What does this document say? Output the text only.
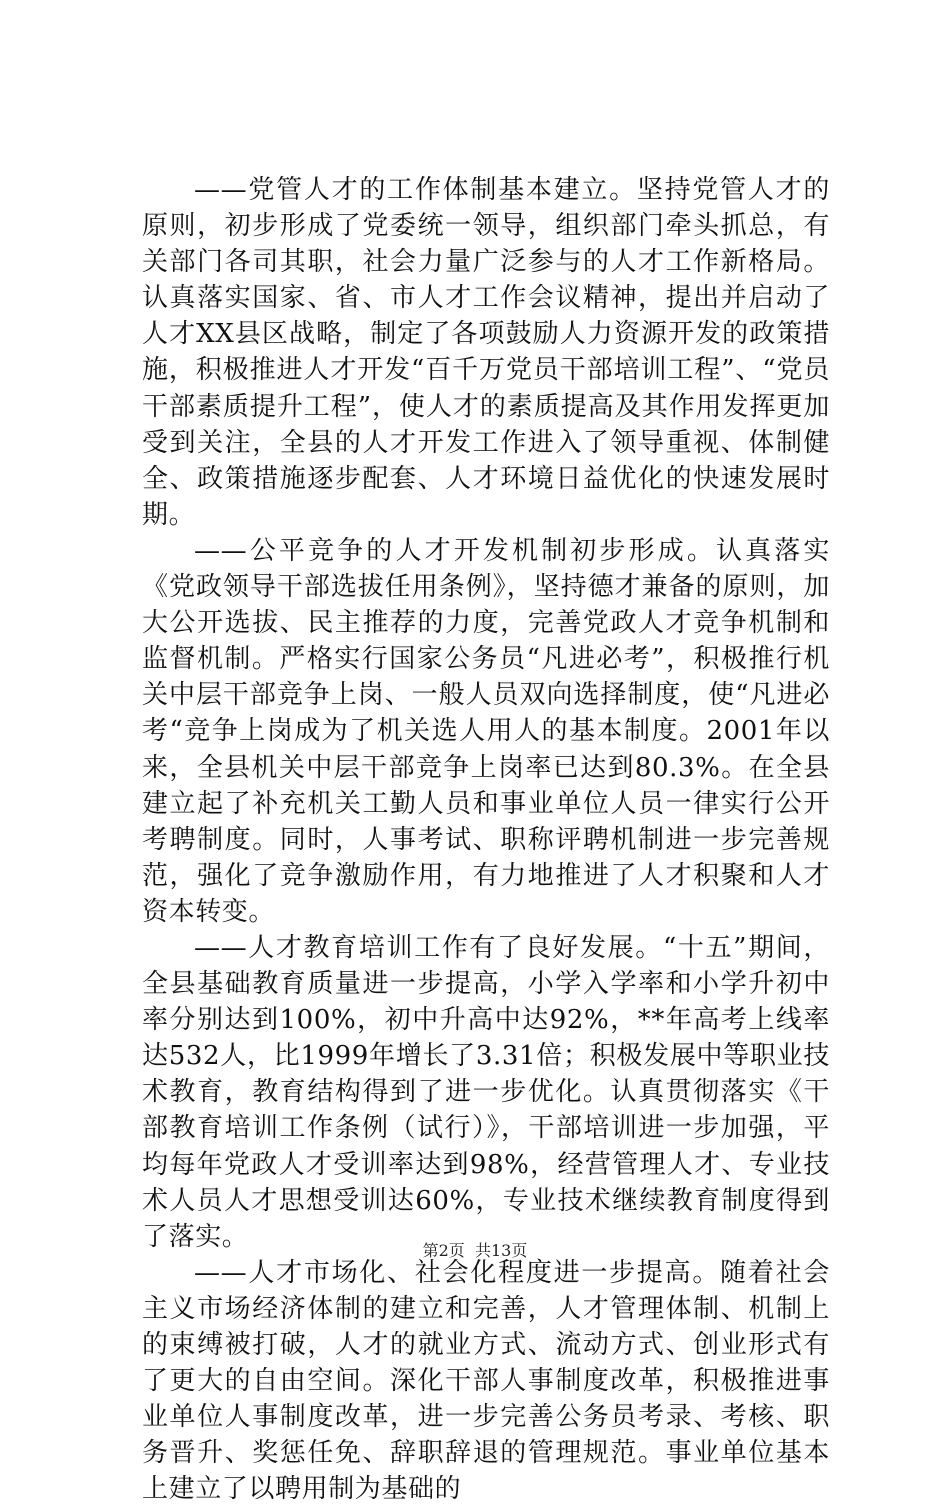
——党管人才的工作体制基本建立。坚持党管人才的原则，初步形成了党委统一领导，组织部门牵头抓总，有关部门各司其职，社会力量广泛参与的人才工作新格局。认真落实国家、省、市人才工作会议精神，提出并启动了人才XX县区战略，制定了各项鼓励人力资源开发的政策措施，积极推进人才开发“百千万党员干部培训工程”、“党员干部素质提升工程”，使人才的素质提高及其作用发挥更加受到关注，全县的人才开发工作进入了领导重视、体制健全、政策措施逐步配套、人才环境日益优化的快速发展时期。

——公平竞争的人才开发机制初步形成。认真落实《党政领导干部选拔任用条例》，坚持德才兼备的原则，加大公开选拔、民主推荐的力度，完善党政人才竞争机制和监督机制。严格实行国家公务员“凡进必考”，积极推行机关中层干部竞争上岗、一般人员双向选择制度，使“凡进必考“竞争上岗成为了机关选人用人的基本制度。2001年以来，全县机关中层干部竞争上岗率已达到80.3%。在全县建立起了补充机关工勤人员和事业单位人员一律实行公开考聘制度。同时，人事考试、职称评聘机制进一步完善规范，强化了竞争激励作用，有力地推进了人才积聚和人才资本转变。

——人才教育培训工作有了良好发展。“十五”期间，全县基础教育质量进一步提高，小学入学率和小学升初中率分别达到100%，初中升高中达92%，**年高考上线率达532人，比1999年增长了3.31倍；积极发展中等职业技术教育，教育结构得到了进一步优化。认真贯彻落实《干部教育培训工作条例（试行）》，干部培训进一步加强，平均每年党政人才受训率达到98%，经营管理人才、专业技术人员人才思想受训达60%，专业技术继续教育制度得到了落实。

——人才市场化、社会化程度进一步提高。随着社会主义市场经济体制的建立和完善，人才管理体制、机制上的束缚被打破，人才的就业方式、流动方式、创业形式有了更大的自由空间。深化干部人事制度改革，积极推进事业单位人事制度改革，进一步完善公务员考录、考核、职务晋升、奖惩任免、辞职辞退的管理规范。事业单位基本上建立了以聘用制为基础的

第2页 共13页
